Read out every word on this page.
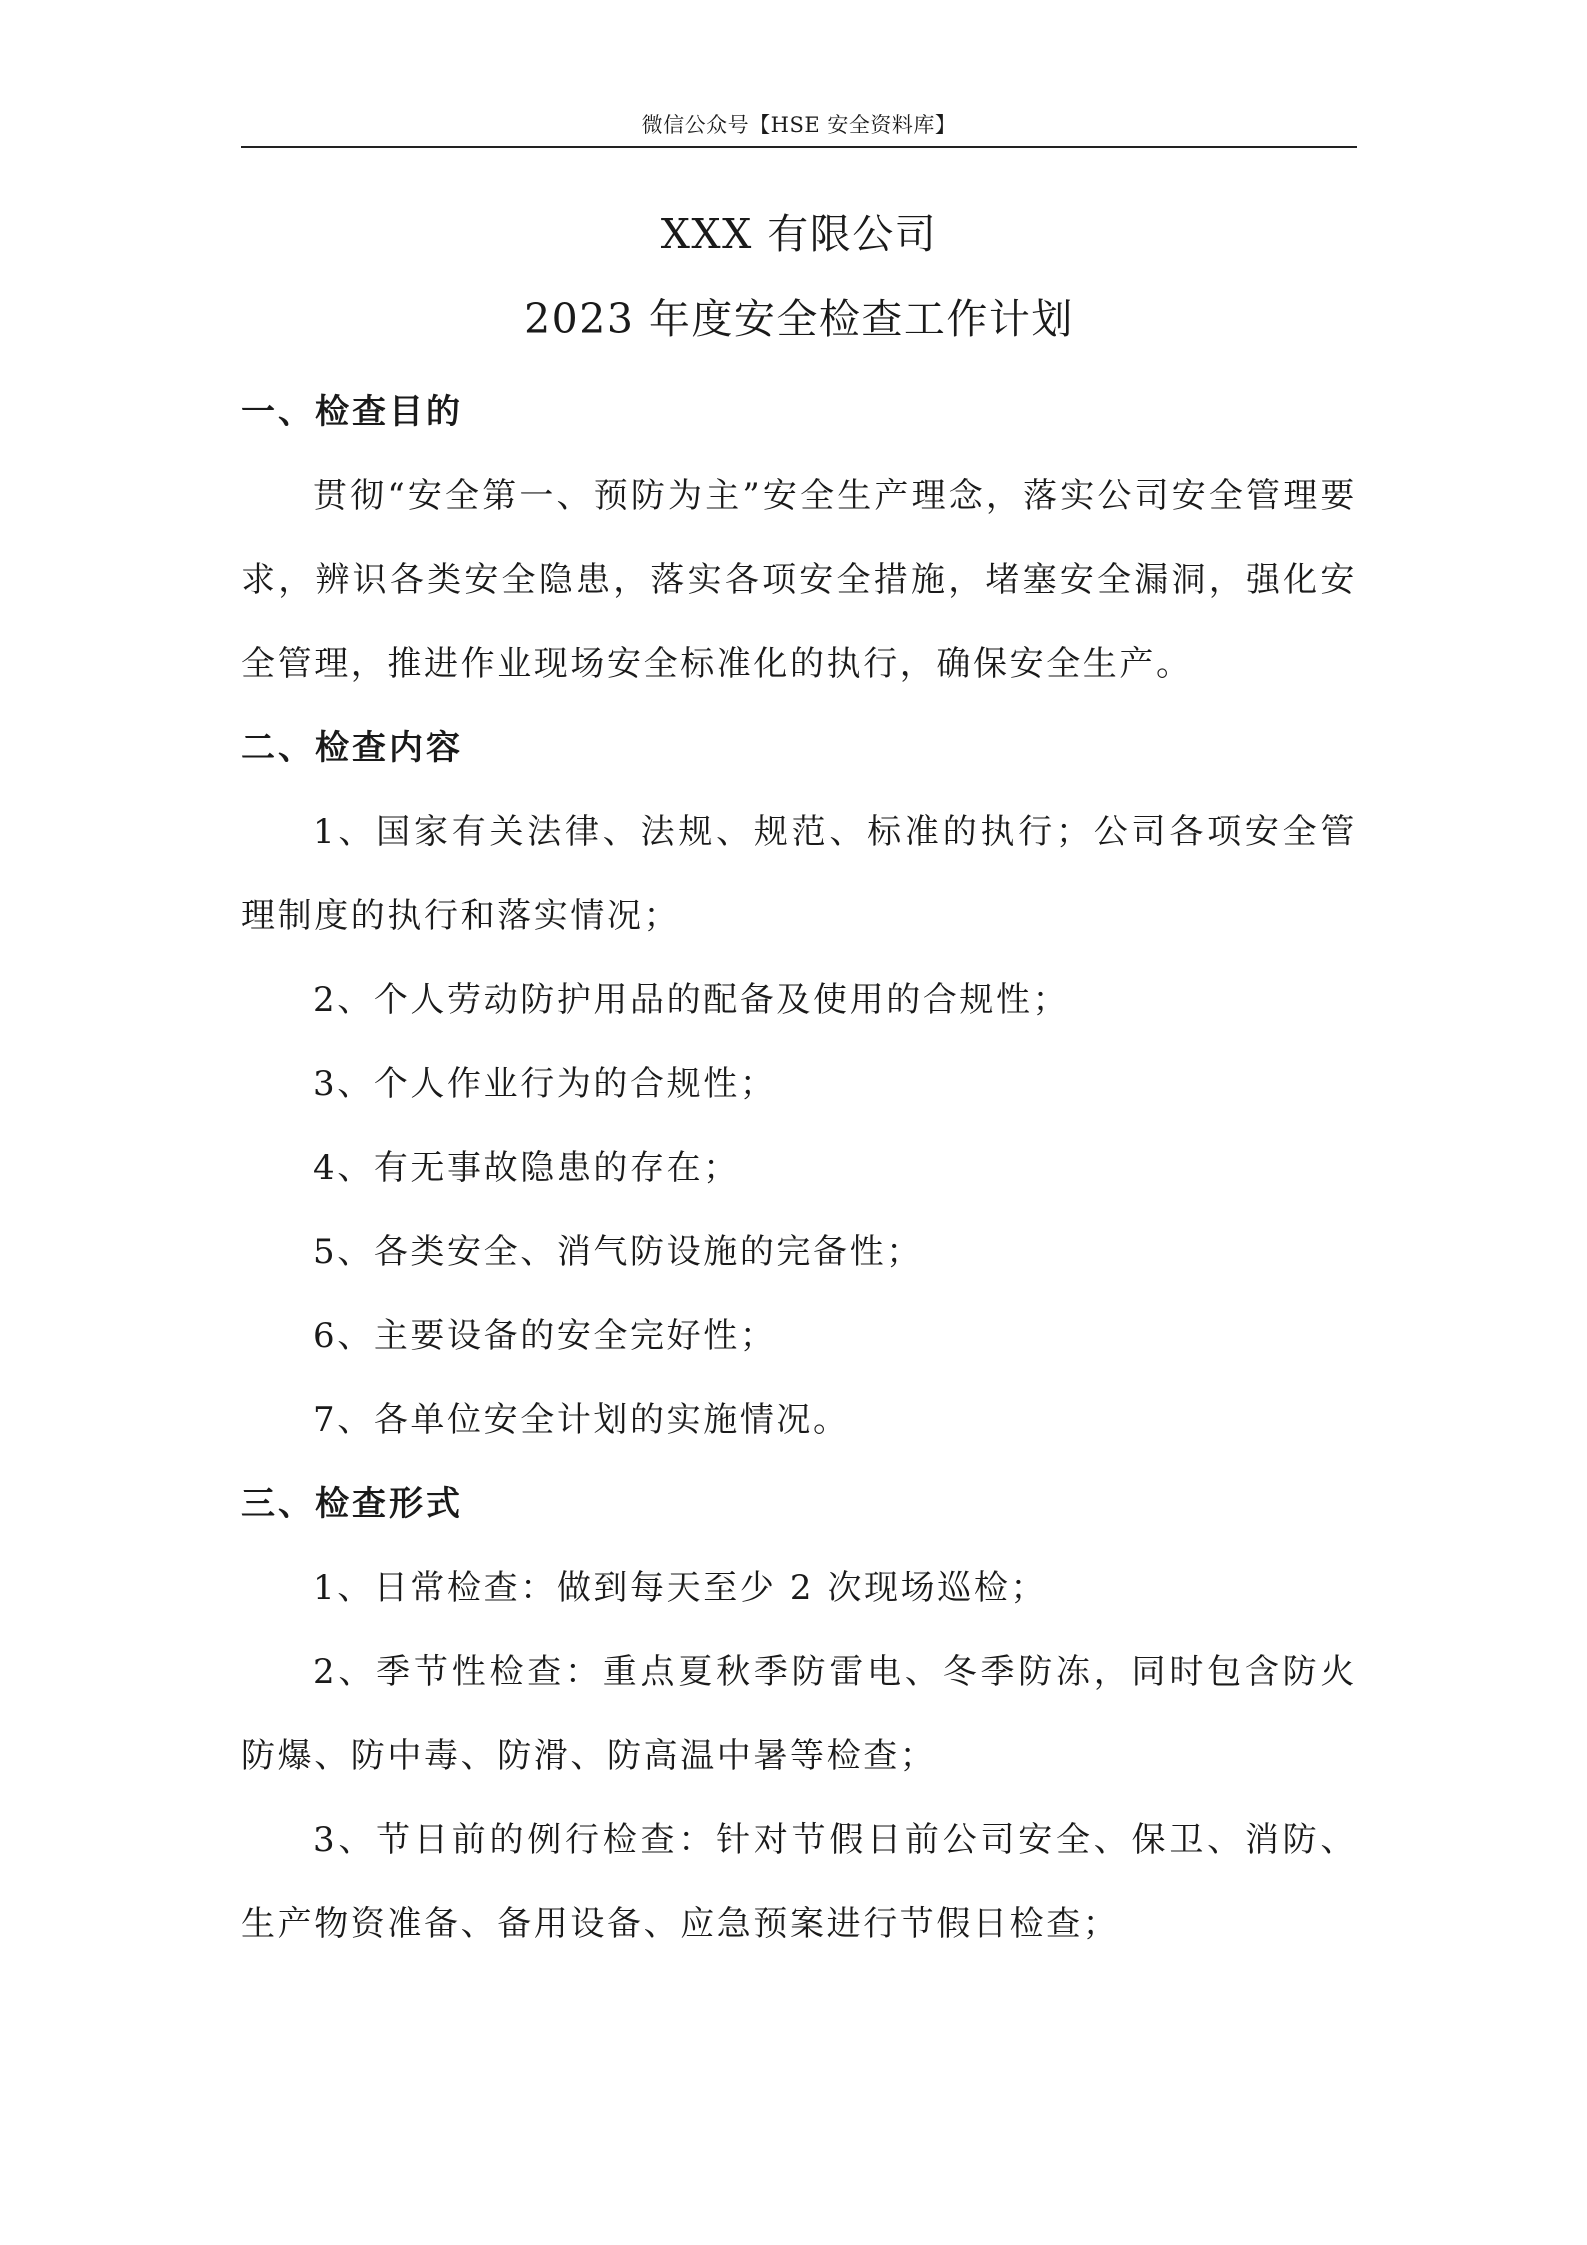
微信公众号【HSE 安全资料库】
XXX 有限公司
2023 年度安全检查工作计划

一、检查目的

贯彻“安全第一、预防为主”安全生产理念，落实公司安全管理要求，辨识各类安全隐患，落实各项安全措施，堵塞安全漏洞，强化安全管理，推进作业现场安全标准化的执行，确保安全生产。

二、检查内容

1、国家有关法律、法规、规范、标准的执行；公司各项安全管理制度的执行和落实情况；

2、个人劳动防护用品的配备及使用的合规性；

3、个人作业行为的合规性；

4、有无事故隐患的存在；

5、各类安全、消气防设施的完备性；

6、主要设备的安全完好性；

7、各单位安全计划的实施情况。

三、检查形式

1、日常检查：做到每天至少 2 次现场巡检；

2、季节性检查：重点夏秋季防雷电、冬季防冻，同时包含防火防爆、防中毒、防滑、防高温中暑等检查；

3、节日前的例行检查：针对节假日前公司安全、保卫、消防、生产物资准备、备用设备、应急预案进行节假日检查；
